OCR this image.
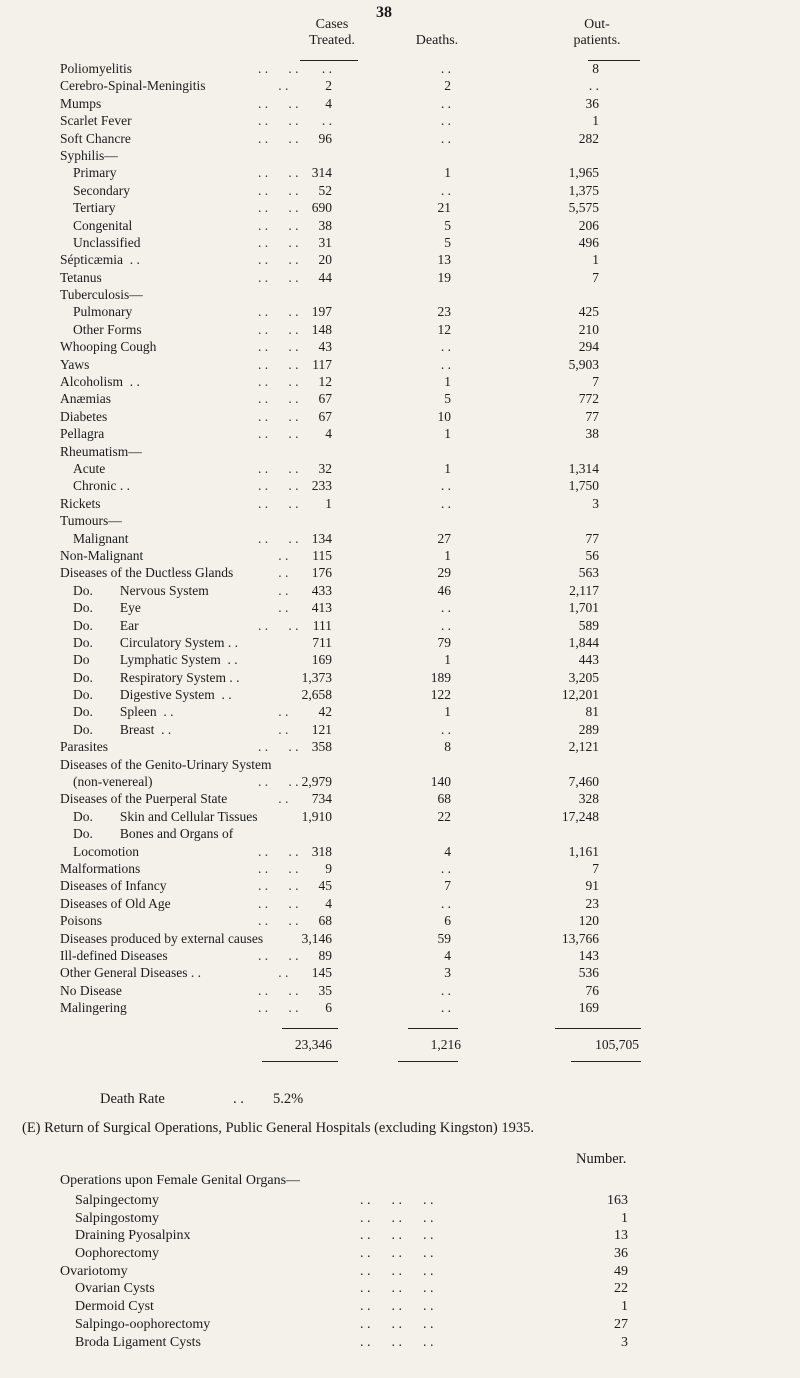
38
Cases
Treated.	Deaths.
Out-
patients.
Poliomyelitis	. .      . .	. .	. .	8
Cerebro-Spinal-Meningitis	. .	2	2	. .
Mumps	. .      . .	4	. .	36
Scarlet Fever	. .      . .	. .	. .	1
Soft Chancre	. .      . .	96	. .	282
Syphilis—
Primary	. .      . . 314	1	1,965
Secondary	. .      . .	52	. .	1,375
Tertiary	. .      . . 690	21	5,575
Congenital	. .      . .	38	5	206
Unclassified	. .      . .	31	5	496
Sépticæmia  . .	. .      . .	20	13	1
Tetanus	. .      . .	44	19	7
Tuberculosis—
Pulmonary	. .      . . 197	23	425
Other Forms	. .      . . 148	12	210
Whooping Cough	. .      . .	43	. .	294
Yaws	. .      . .	117	. .	5,903
Alcoholism  . .	. .      . .	12	1	7
Anæmias	. .      . .	67	5	772
Diabetes	. .      . .	67	10	77
Pellagra	. .      . .	4	1	38
Rheumatism—
Acute	. .      . .	32	1	1,314
Chronic . .	. .      . . 233	. .	1,750
Rickets	. .      . .	1	. .	3
Tumours—
Malignant	. .      . . 134	27	77
Non-Malignant	. .	115	1	56
Diseases of the Ductless Glands . .	176	29	563
Do.        Nervous System	. .	433	46	2,117
Do.        Eye	. .	413	. .	1,701
Do.        Ear	. .      . .	111	. .	589
Do.        Circulatory System . .	711	79	1,844
Do         Lymphatic System  . .	169	1	443
Do.        Respiratory System . .	1,373	189	3,205
Do.        Digestive System  . .	2,658	122	12,201
Do.        Spleen  . .	. .	42	1	81
Do.        Breast  . .	. .	121	. .	289
Parasites	. .      . . 358	8	2,121
Diseases of the Genito-Urinary System
(non-venereal)	. .      . . 2,979	140	7,460
Diseases of the Puerperal State . .	734	68	328
Do.        Skin and Cellular Tissues	1,910	22	17,248
Do.        Bones and Organs of
Locomotion	. .      . . 318	4	1,161
Malformations	. .      . .	9	. .	7
Diseases of Infancy	. .      . .	45	7	91
Diseases of Old Age	. .      . .	4	. .	23
Poisons	. .      . .	68	6	120
Diseases produced by external causes	3,146	59	13,766
Ill-defined Diseases	. .      . .	89	4	143
Other General Diseases . .	. .	145	3	536
No Disease	. .      . .	35	. .	76
Malingering	. .      . .	6	. .	169
23,346	1,216	105,705
Death Rate	. . 5.2%
(E) Return of Surgical Operations, Public General Hospitals (excluding Kingston) 1935.
Number.
Operations upon Female Genital Organs—
Salpingectomy	. .      . .      . .	163
Salpingostomy	. .      . .      . .	1
Draining Pyosalpinx	. .      . .      . .	13
Oophorectomy	. .      . .      . .	36
Ovariotomy	. .      . .      . .	49
Ovarian Cysts	. .      . .      . .	22
Dermoid Cyst	. .      . .      . .	1
Salpingo-oophorectomy	. .      . .      . .	27
Broda Ligament Cysts	. .      . .      . .	3
